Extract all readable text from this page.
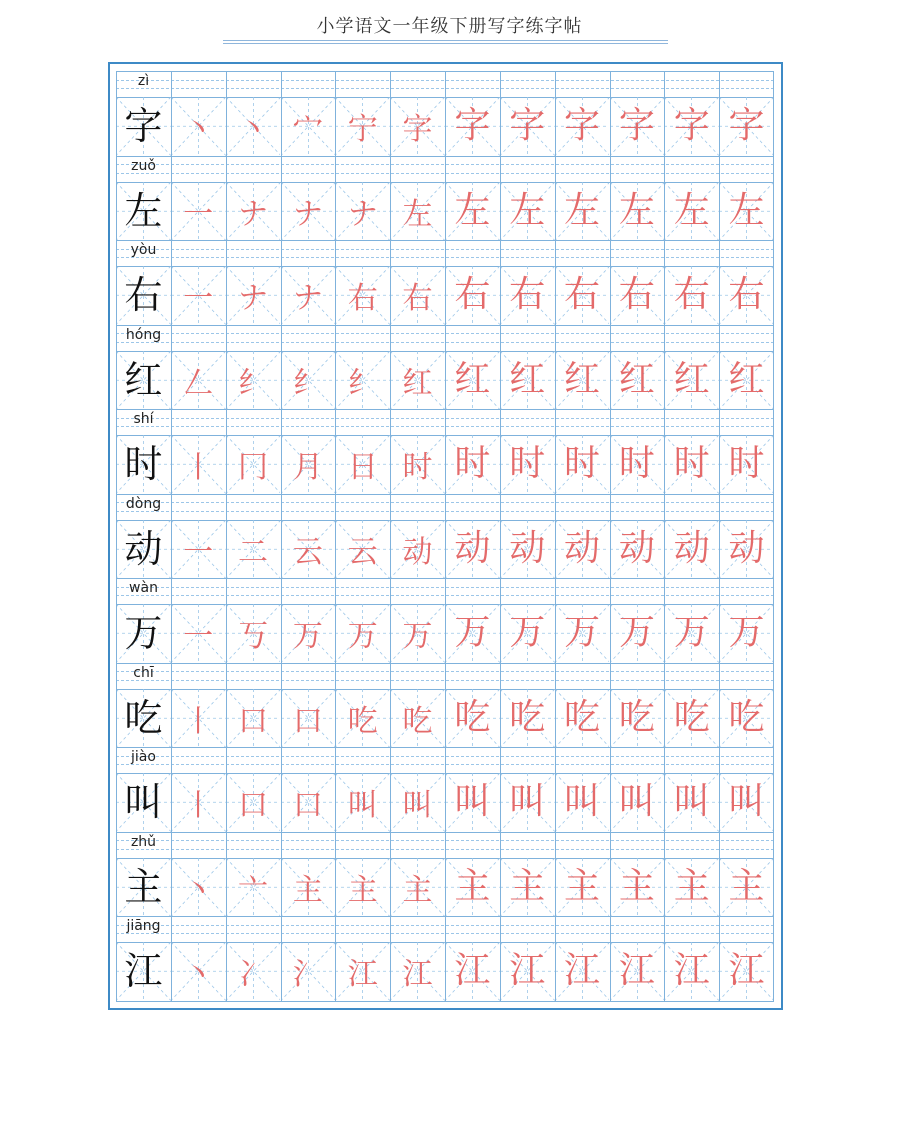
小学语文一年级下册写字练字帖
zì
字 丶 丶 宀 宁 字 字 字 字 字 字 字
zuǒ
左 一 ナ ナ ナ 左 左 左 左 左 左 左
yòu
右 一 ナ ナ 右 右 右 右 右 右 右 右
hóng
红 𠃋 纟 纟 纟 红 红 红 红 红 红 红
shí
时 丨 冂 月 日 时 时 时 时 时 时 时
dòng
动 一 二 云 云 动 动 动 动 动 动 动
wàn
万 一 丂 万 万 万 万 万 万 万 万 万
chī
吃 丨 口 口 吃 吃 吃 吃 吃 吃 吃 吃
jiào
叫 丨 口 口 叫 叫 叫 叫 叫 叫 叫 叫
zhǔ
主 丶 亠 主 主 主 主 主 主 主 主 主
jiāng
江 丶 冫 氵 江 江 江 江 江 江 江 江
